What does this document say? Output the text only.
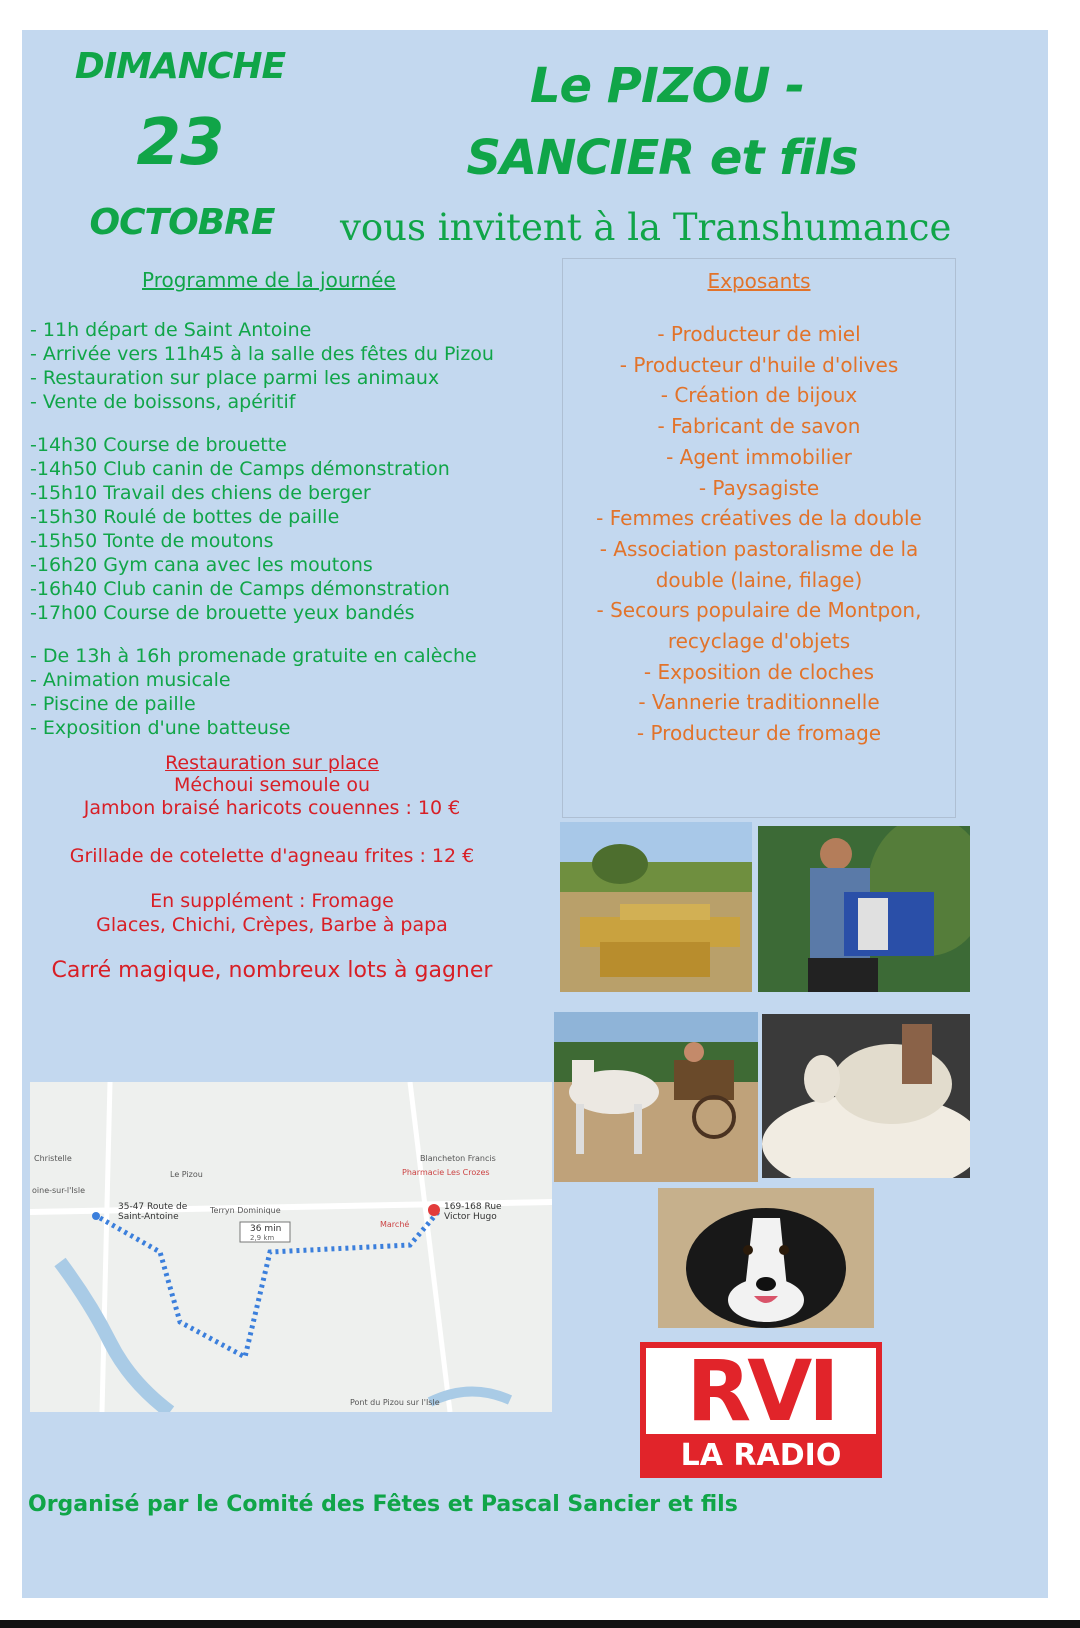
DIMANCHE
23
OCTOBRE
Le PIZOU -
SANCIER et fils
vous invitent à la Transhumance
Programme de la journée
- 11h départ de Saint Antoine
- Arrivée vers 11h45 à la salle des fêtes du Pizou
- Restauration sur place parmi les animaux
- Vente de boissons, apéritif
-14h30 Course de brouette
-14h50 Club canin de Camps démonstration
-15h10 Travail des chiens de berger
-15h30 Roulé de bottes de paille
-15h50 Tonte de moutons
-16h20 Gym cana avec les moutons
-16h40 Club canin de Camps démonstration
-17h00 Course de brouette yeux bandés
- De 13h à 16h promenade gratuite en calèche
- Animation musicale
- Piscine de paille
- Exposition d'une batteuse
Restauration sur place
Méchoui semoule ou
Jambon braisé haricots couennes : 10 €
Grillade de cotelette d'agneau frites : 12 €
En supplément : Fromage
Glaces, Chichi, Crèpes, Barbe à papa
Carré magique, nombreux lots à gagner
Exposants
- Producteur de miel
- Producteur d'huile d'olives
- Création de bijoux
- Fabricant de savon
- Agent immobilier
- Paysagiste
- Femmes créatives de la double
- Association pastoralisme de la
double (laine, filage)
- Secours populaire de Montpon,
recyclage d'objets
- Exposition de cloches
- Vannerie traditionnelle
- Producteur de fromage
35-47 Route de Saint-Antoine
169-168 Rue Victor Hugo
36 min
2,9 km
Christelle
Le Pizou	Pharmacie Les Crozes
Blancheton Francis
Terryn Dominique
Pont du Pizou sur l'Isle
oine-sur-l'Isle
Marché
RVI
LA RADIO
Organisé par le Comité des Fêtes et Pascal Sancier et fils
